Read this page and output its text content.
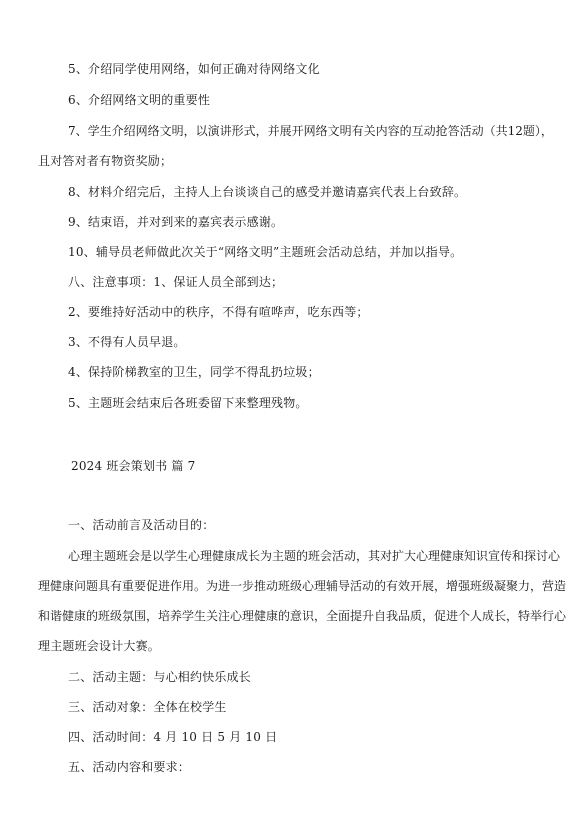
5、介绍同学使用网络，如何正确对待网络文化
6、介绍网络文明的重要性
7、学生介绍网络文明，以演讲形式，并展开网络文明有关内容的互动抢答活动（共12题），
且对答对者有物资奖励；
8、材料介绍完后，主持人上台谈谈自己的感受并邀请嘉宾代表上台致辞。
9、结束语，并对到来的嘉宾表示感谢。
10、辅导员老师做此次关于“网络文明”主题班会活动总结，并加以指导。
八、注意事项：1、保证人员全部到达；
2、要维持好活动中的秩序，不得有喧哗声，吃东西等；
3、不得有人员早退。
4、保持阶梯教室的卫生，同学不得乱扔垃圾；
5、主题班会结束后各班委留下来整理残物。
2024 班会策划书 篇 7
一、活动前言及活动目的：
心理主题班会是以学生心理健康成长为主题的班会活动，其对扩大心理健康知识宣传和探讨心
理健康问题具有重要促进作用。为进一步推动班级心理辅导活动的有效开展，增强班级凝聚力，营造
和谐健康的班级氛围，培养学生关注心理健康的意识，全面提升自我品质，促进个人成长，特举行心
理主题班会设计大赛。
二、活动主题：与心相约快乐成长
三、活动对象：全体在校学生
四、活动时间：4 月 10 日 5 月 10 日
五、活动内容和要求：
